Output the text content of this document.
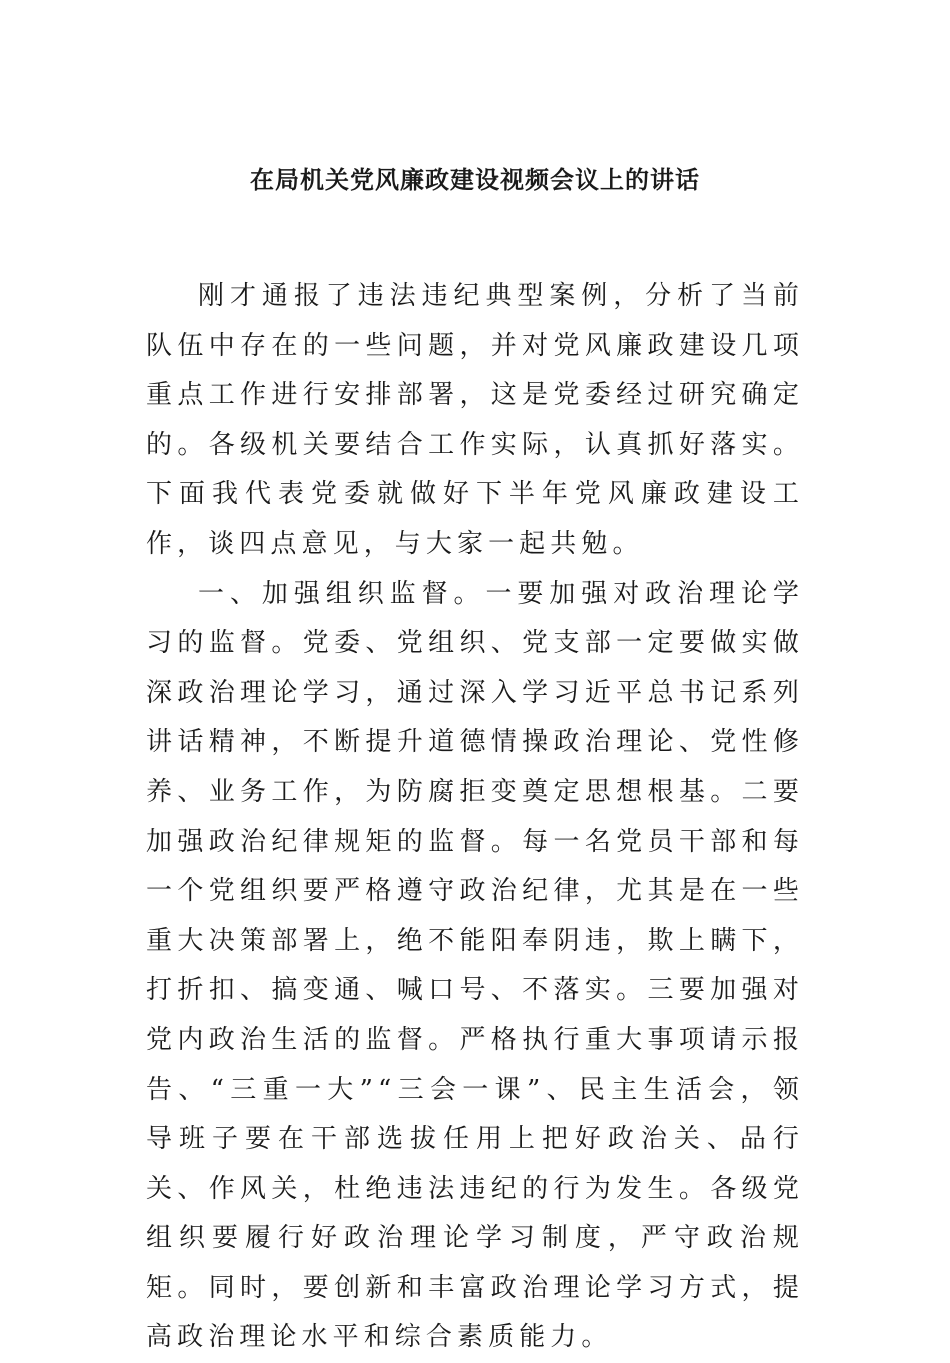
在局机关党风廉政建设视频会议上的讲话

刚才通报了违法违纪典型案例，分析了当前队伍中存在的一些问题，并对党风廉政建设几项重点工作进行安排部署，这是党委经过研究确定的。各级机关要结合工作实际，认真抓好落实。下面我代表党委就做好下半年党风廉政建设工作，谈四点意见，与大家一起共勉。

一、加强组织监督。一要加强对政治理论学习的监督。党委、党组织、党支部一定要做实做深政治理论学习，通过深入学习近平总书记系列讲话精神，不断提升道德情操政治理论、党性修养、业务工作，为防腐拒变奠定思想根基。二要加强政治纪律规矩的监督。每一名党员干部和每一个党组织要严格遵守政治纪律，尤其是在一些重大决策部署上，绝不能阳奉阴违，欺上瞒下，打折扣、搞变通、喊口号、不落实。三要加强对党内政治生活的监督。严格执行重大事项请示报告、“三重一大”“三会一课”、民主生活会，领导班子要在干部选拔任用上把好政治关、品行关、作风关，杜绝违法违纪的行为发生。各级党组织要履行好政治理论学习制度，严守政治规矩。同时，要创新和丰富政治理论学习方式，提高政治理论水平和综合素质能力。
